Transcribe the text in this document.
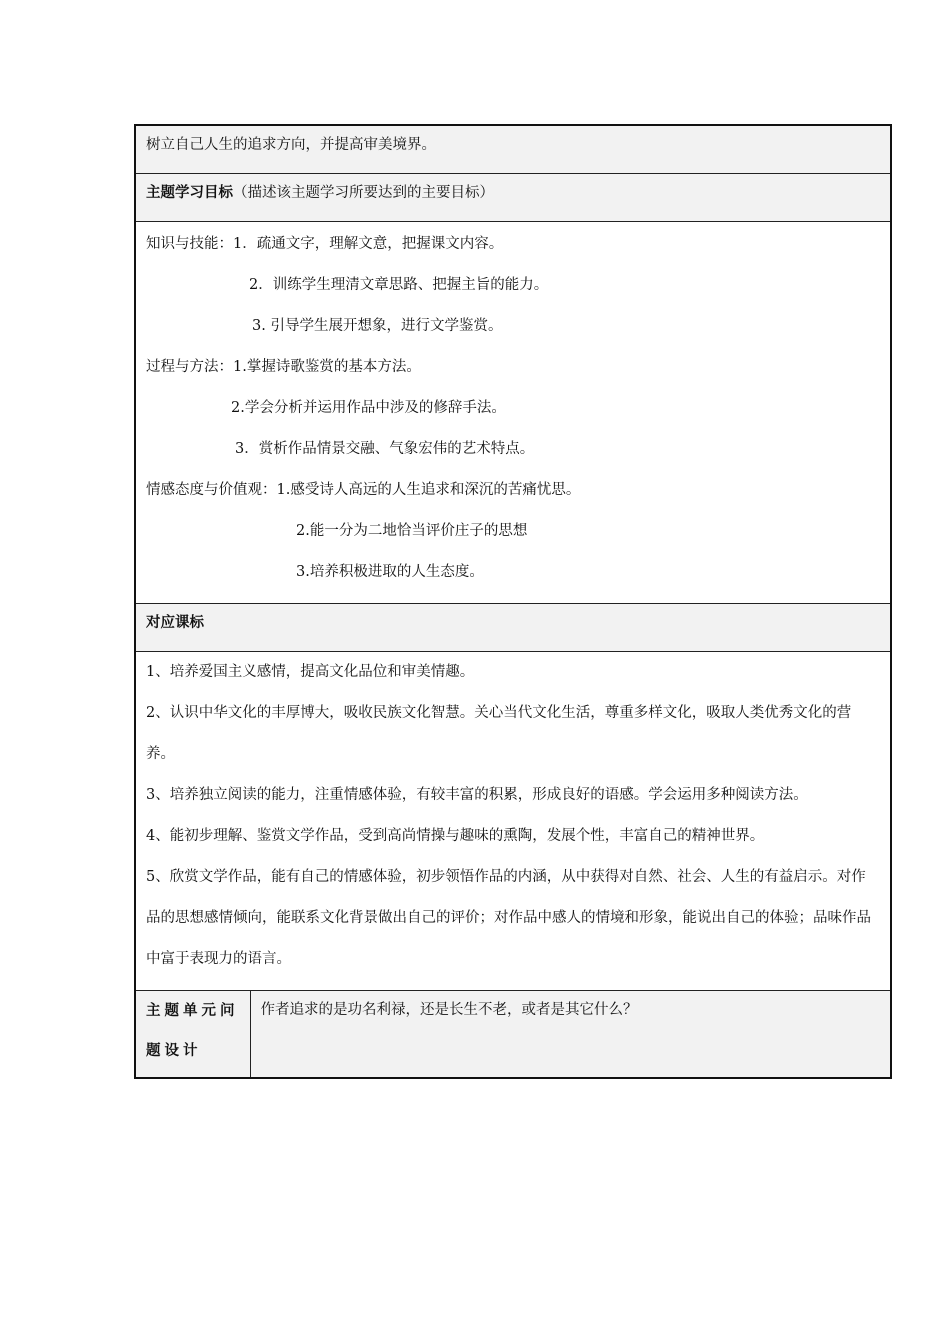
树立自己人生的追求方向，并提高审美境界。
主题学习目标（描述该主题学习所要达到的主要目标）

知识与技能：1．疏通文字，理解文意，把握课文内容。
2．训练学生理清文章思路、把握主旨的能力。
3. 引导学生展开想象，进行文学鉴赏。
过程与方法：1.掌握诗歌鉴赏的基本方法。
2.学会分析并运用作品中涉及的修辞手法。
3．赏析作品情景交融、气象宏伟的艺术特点。
情感态度与价值观：1.感受诗人高远的人生追求和深沉的苦痛忧思。
2.能一分为二地恰当评价庄子的思想
3.培养积极进取的人生态度。

对应课标

1、培养爱国主义感情，提高文化品位和审美情趣。

2、认识中华文化的丰厚博大，吸收民族文化智慧。关心当代文化生活，尊重多样文化，吸取人类优秀文化的营养。

3、培养独立阅读的能力，注重情感体验，有较丰富的积累，形成良好的语感。学会运用多种阅读方法。

4、能初步理解、鉴赏文学作品，受到高尚情操与趣味的熏陶，发展个性，丰富自己的精神世界。

5、欣赏文学作品，能有自己的情感体验，初步领悟作品的内涵，从中获得对自然、社会、人生的有益启示。对作品的思想感情倾向，能联系文化背景做出自己的评价；对作品中感人的情境和形象，能说出自己的体验；品味作品中富于表现力的语言。

主题单元问题设计	作者追求的是功名利禄，还是长生不老，或者是其它什么？
